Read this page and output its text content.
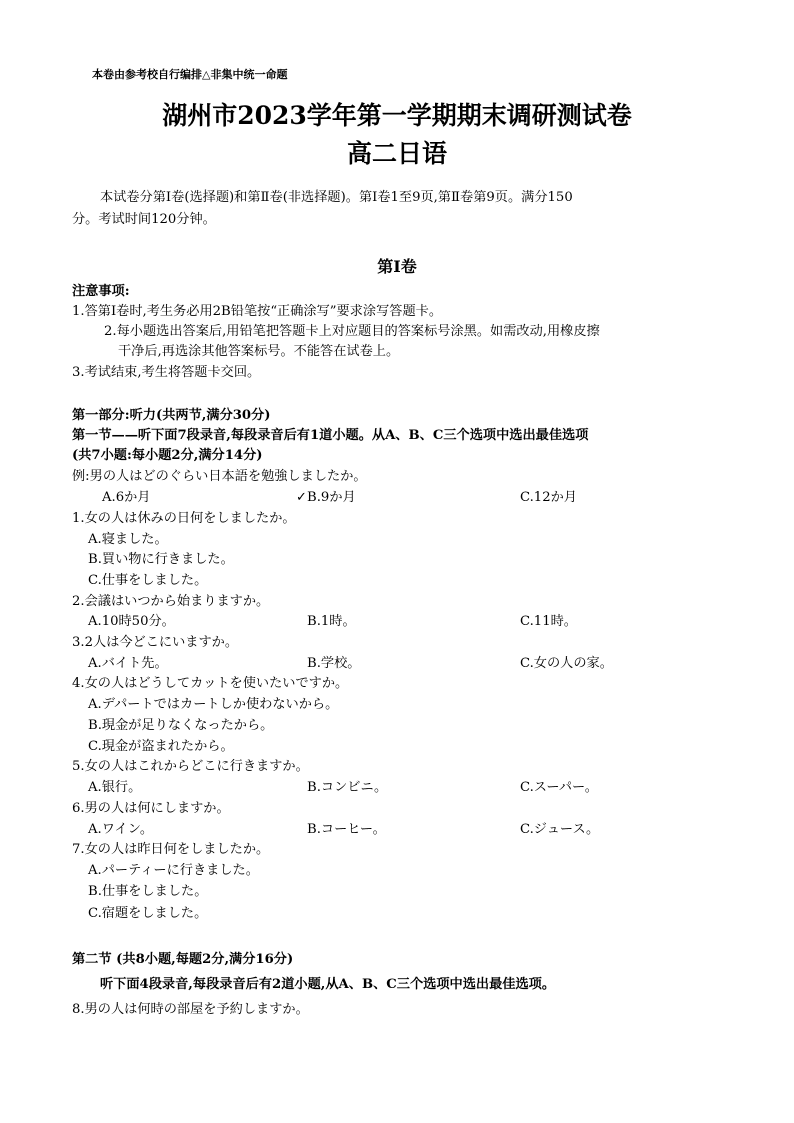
本卷由参考校自行编排△非集中统一命题
湖州市2023学年第一学期期末调研测试卷
高二日语
本试卷分第Ⅰ卷(选择题)和第Ⅱ卷(非选择题)。第Ⅰ卷1至9页,第Ⅱ卷第9页。满分150
分。考试时间120分钟。
第Ⅰ卷
注意事项:
1.答第Ⅰ卷时,考生务必用2B铅笔按“正确涂写”要求涂写答题卡。
2.每小题选出答案后,用铅笔把答题卡上对应题目的答案标号涂黑。如需改动,用橡皮擦
干净后,再选涂其他答案标号。不能答在试卷上。
3.考试结束,考生将答题卡交回。
第一部分:听力(共两节,满分30分)
第一节——听下面7段录音,每段录音后有1道小题。从A、B、C三个选项中选出最佳选项
(共7小题:每小题2分,满分14分)
例:男の人はどのぐらい日本語を勉強しましたか。
A.6か月	✓B.9か月	C.12か月
1.女の人は休みの日何をしましたか。
A.寝ました。
B.買い物に行きました。
C.仕事をしました。
2.会議はいつから始まりますか。
A.10時50分。	B.1時。	C.11時。
3.2人は今どこにいますか。
A.バイト先。	B.学校。	C.女の人の家。
4.女の人はどうしてカットを使いたいですか。
A.デパートではカートしか使わないから。
B.現金が足りなくなったから。
C.現金が盗まれたから。
5.女の人はこれからどこに行きますか。
A.银行。	B.コンビニ。	C.スーパー。
6.男の人は何にしますか。
A.ワイン。	B.コーヒー。	C.ジュース。
7.女の人は昨日何をしましたか。
A.パーティーに行きました。
B.仕事をしました。
C.宿題をしました。
第二节 (共8小题,每题2分,满分16分)
听下面4段录音,每段录音后有2道小题,从A、B、C三个选项中选出最佳选项。
8.男の人は何時の部屋を予約しますか。
